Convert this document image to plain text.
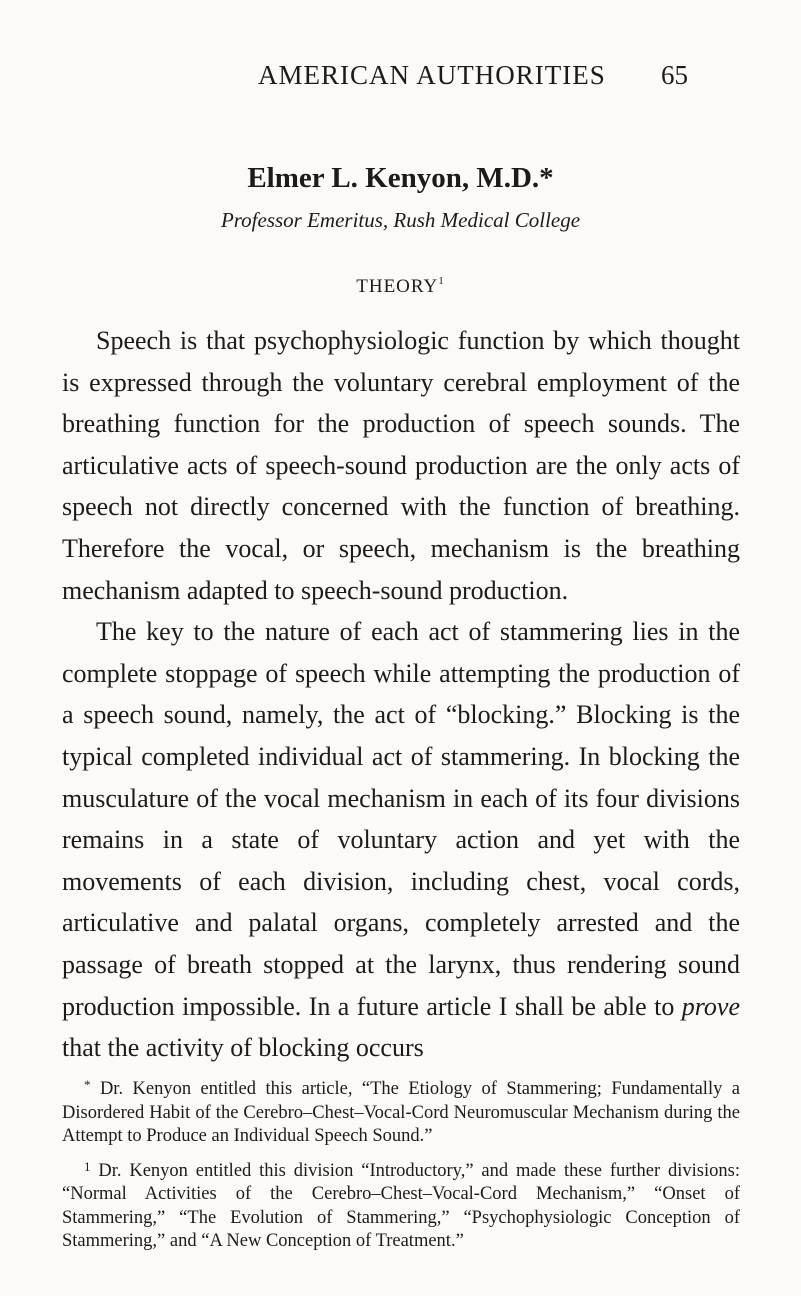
AMERICAN AUTHORITIES 65

Elmer L. Kenyon, M.D.*

Professor Emeritus, Rush Medical College

THEORY$^1$

Speech is that psychophysiologic function by which thought is expressed through the voluntary cerebral employment of the breathing function for the production of speech sounds. The articulative acts of speech-sound production are the only acts of speech not directly concerned with the function of breathing. Therefore the vocal, or speech, mechanism is the breathing mechanism adapted to speech-sound production.

The key to the nature of each act of stammering lies in the complete stoppage of speech while attempting the production of a speech sound, namely, the act of “blocking.” Blocking is the typical completed individual act of stammering. In blocking the musculature of the vocal mechanism in each of its four divisions remains in a state of voluntary action and yet with the movements of each division, including chest, vocal cords, articulative and palatal organs, completely arrested and the passage of breath stopped at the larynx, thus rendering sound production impossible. In a future article I shall be able to prove that the activity of blocking occurs

* Dr. Kenyon entitled this article, “The Etiology of Stammering; Fundamentally a Disordered Habit of the Cerebro–Chest–Vocal-Cord Neuromuscular Mechanism during the Attempt to Produce an Individual Speech Sound.”

$^1$ Dr. Kenyon entitled this division “Introductory,” and made these further divisions: “Normal Activities of the Cerebro–Chest–Vocal-Cord Mechanism,” “Onset of Stammering,” “The Evolution of Stammering,” “Psychophysiologic Conception of Stammering,” and “A New Conception of Treatment.”
